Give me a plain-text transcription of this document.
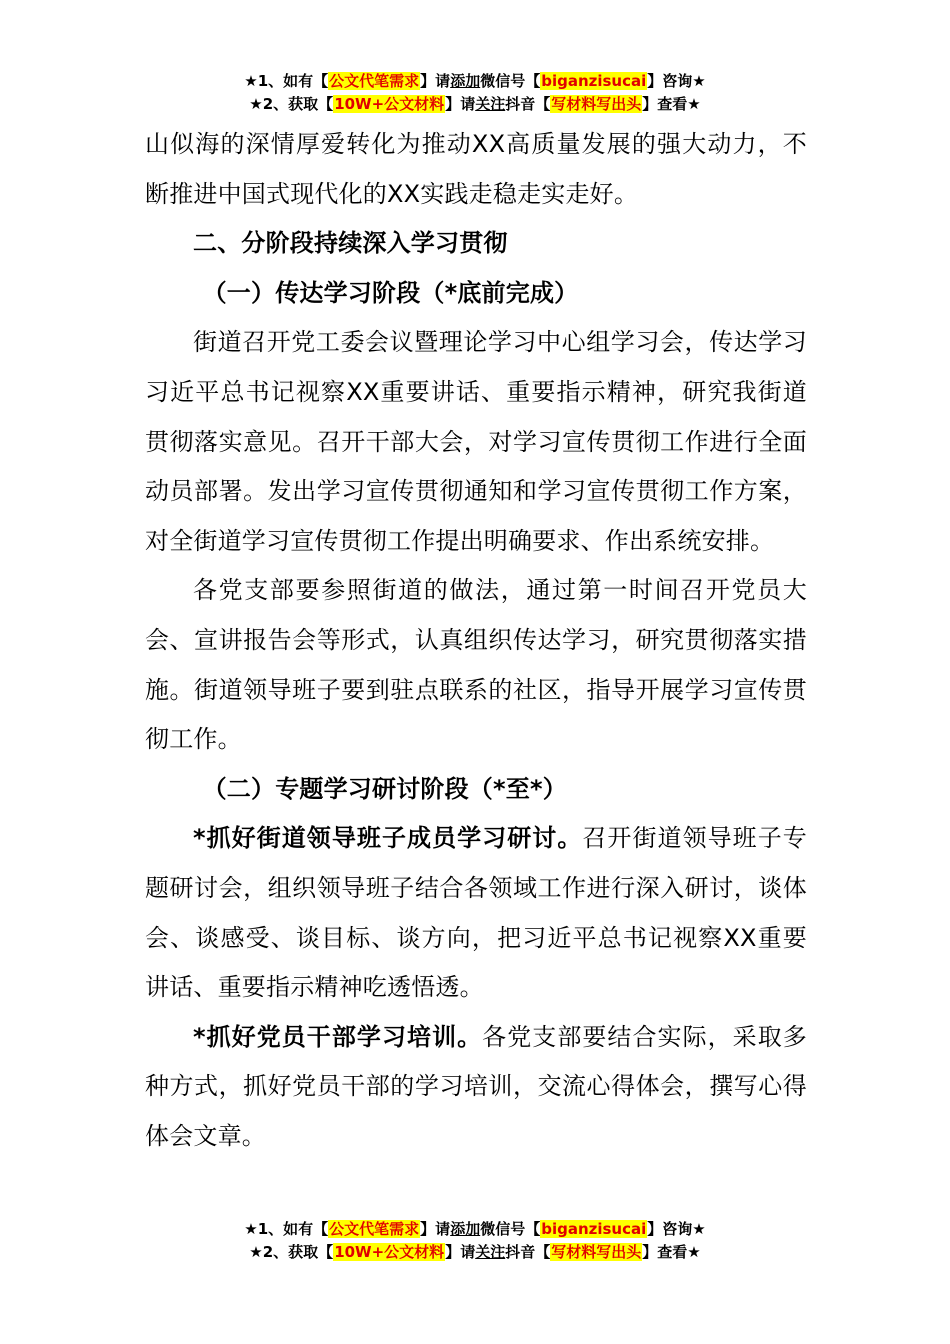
★1、如有【公文代笔需求】请添加微信号【biganzisucai】咨询★
★2、获取【10W+公文材料】请关注抖音【写材料写出头】查看★

山似海的深情厚爱转化为推动XX高质量发展的强大动力，不断推进中国式现代化的XX实践走稳走实走好。

二、分阶段持续深入学习贯彻

（一）传达学习阶段（*底前完成）

街道召开党工委会议暨理论学习中心组学习会，传达学习习近平总书记视察XX重要讲话、重要指示精神，研究我街道贯彻落实意见。召开干部大会，对学习宣传贯彻工作进行全面动员部署。发出学习宣传贯彻通知和学习宣传贯彻工作方案，对全街道学习宣传贯彻工作提出明确要求、作出系统安排。

各党支部要参照街道的做法，通过第一时间召开党员大会、宣讲报告会等形式，认真组织传达学习，研究贯彻落实措施。街道领导班子要到驻点联系的社区，指导开展学习宣传贯彻工作。

（二）专题学习研讨阶段（*至*）

*抓好街道领导班子成员学习研讨。召开街道领导班子专题研讨会，组织领导班子结合各领域工作进行深入研讨，谈体会、谈感受、谈目标、谈方向，把习近平总书记视察XX重要讲话、重要指示精神吃透悟透。

*抓好党员干部学习培训。各党支部要结合实际，采取多种方式，抓好党员干部的学习培训，交流心得体会，撰写心得体会文章。

★1、如有【公文代笔需求】请添加微信号【biganzisucai】咨询★
★2、获取【10W+公文材料】请关注抖音【写材料写出头】查看★
